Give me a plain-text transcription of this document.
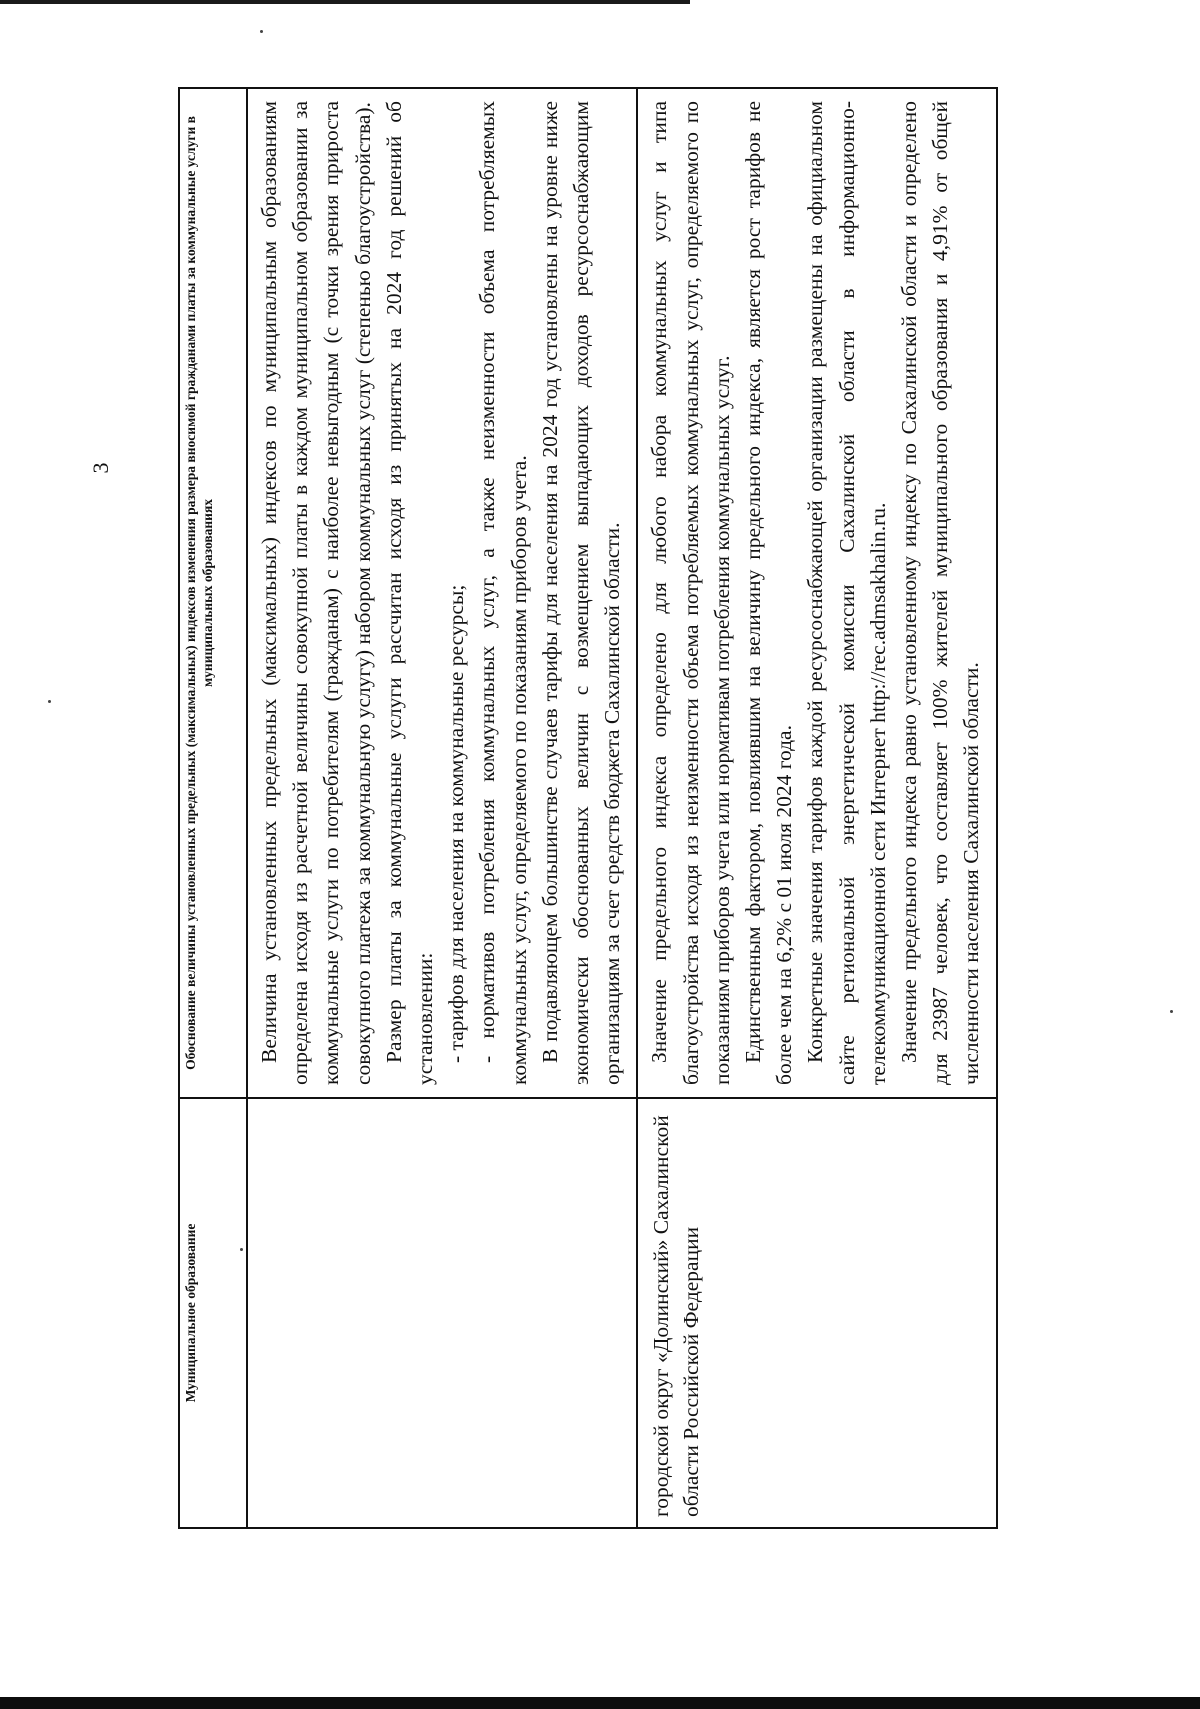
3
Муниципальное образование	Обоснование величины установленных предельных (максимальных) индексов изменения размера вносимой гражданами платы за коммунальные услуги в муниципальных образованиях

	Величина установленных предельных (максимальных) индексов по муниципальным образованиям определена исходя из расчетной величины совокупной платы в каждом муниципальном образовании за коммунальные услуги по потребителям (гражданам) с наиболее невыгодным (с точки зрения прироста совокупного платежа за коммунальную услугу) набором коммунальных услуг (степенью благоустройства). Размер платы за коммунальные услуги рассчитан исходя из принятых на 2024 год решений об установлении: - тарифов для населения на коммунальные ресурсы; - нормативов потребления коммунальных услуг, а также неизменности объема потребляемых коммунальных услуг, определяемого по показаниям приборов учета. В подавляющем большинстве случаев тарифы для населения на 2024 год установлены на уровне ниже экономически обоснованных величин с возмещением выпадающих доходов ресурсоснабжающим организациям за счет средств бюджета Сахалинской области.

городской округ «Долинский» Сахалинской области Российской Федерации	Значение предельного индекса определено для любого набора коммунальных услуг и типа благоустройства исходя из неизменности объема потребляемых коммунальных услуг, определяемого по показаниям приборов учета или нормативам потребления коммунальных услуг. Единственным фактором, повлиявшим на величину предельного индекса, является рост тарифов не более чем на 6,2% с 01 июля 2024 года. Конкретные значения тарифов каждой ресурсоснабжающей организации размещены на официальном сайте региональной энергетической комиссии Сахалинской области в информационно-телекоммуникационной сети Интернет http://rec.admsakhalin.ru. Значение предельного индекса равно установленному индексу по Сахалинской области и определено для 23987 человек, что составляет 100% жителей муниципального образования и 4,91% от общей численности населения Сахалинской области.
